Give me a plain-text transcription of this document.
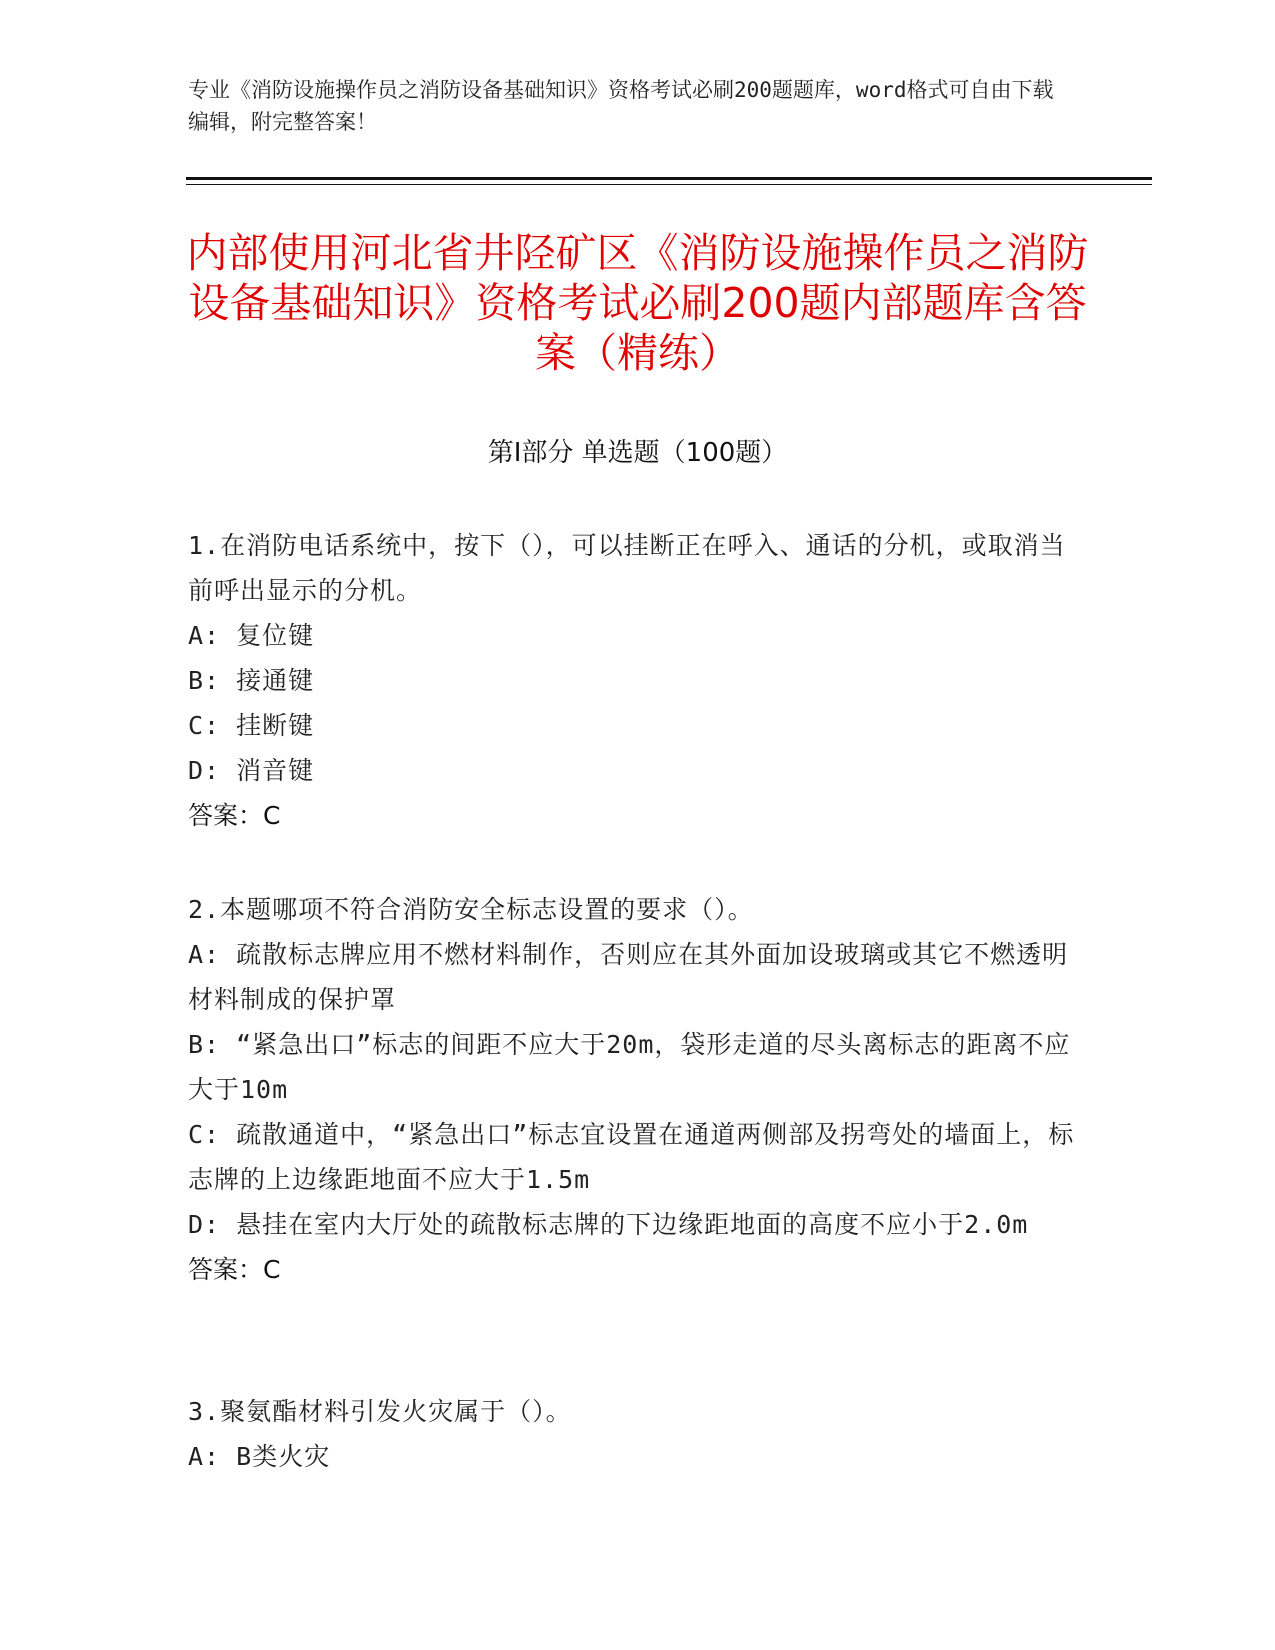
专业《消防设施操作员之消防设备基础知识》资格考试必刷200题题库，word格式可自由下载编辑，附完整答案！
内部使用河北省井陉矿区《消防设施操作员之消防设备基础知识》资格考试必刷200题内部题库含答案（精练）
第I部分 单选题（100题）

1.在消防电话系统中，按下（），可以挂断正在呼入、通话的分机，或取消当前呼出显示的分机。

A: 复位键

B: 接通键

C: 挂断键

D: 消音键

答案：C

2.本题哪项不符合消防安全标志设置的要求（）。

A: 疏散标志牌应用不燃材料制作，否则应在其外面加设玻璃或其它不燃透明材料制成的保护罩

B: “紧急出口”标志的间距不应大于20m，袋形走道的尽头离标志的距离不应大于10m

C: 疏散通道中，“紧急出口”标志宜设置在通道两侧部及拐弯处的墙面上，标志牌的上边缘距地面不应大于1.5m

D: 悬挂在室内大厅处的疏散标志牌的下边缘距地面的高度不应小于2.0m

答案：C

3.聚氨酯材料引发火灾属于（）。

A: B类火灾
